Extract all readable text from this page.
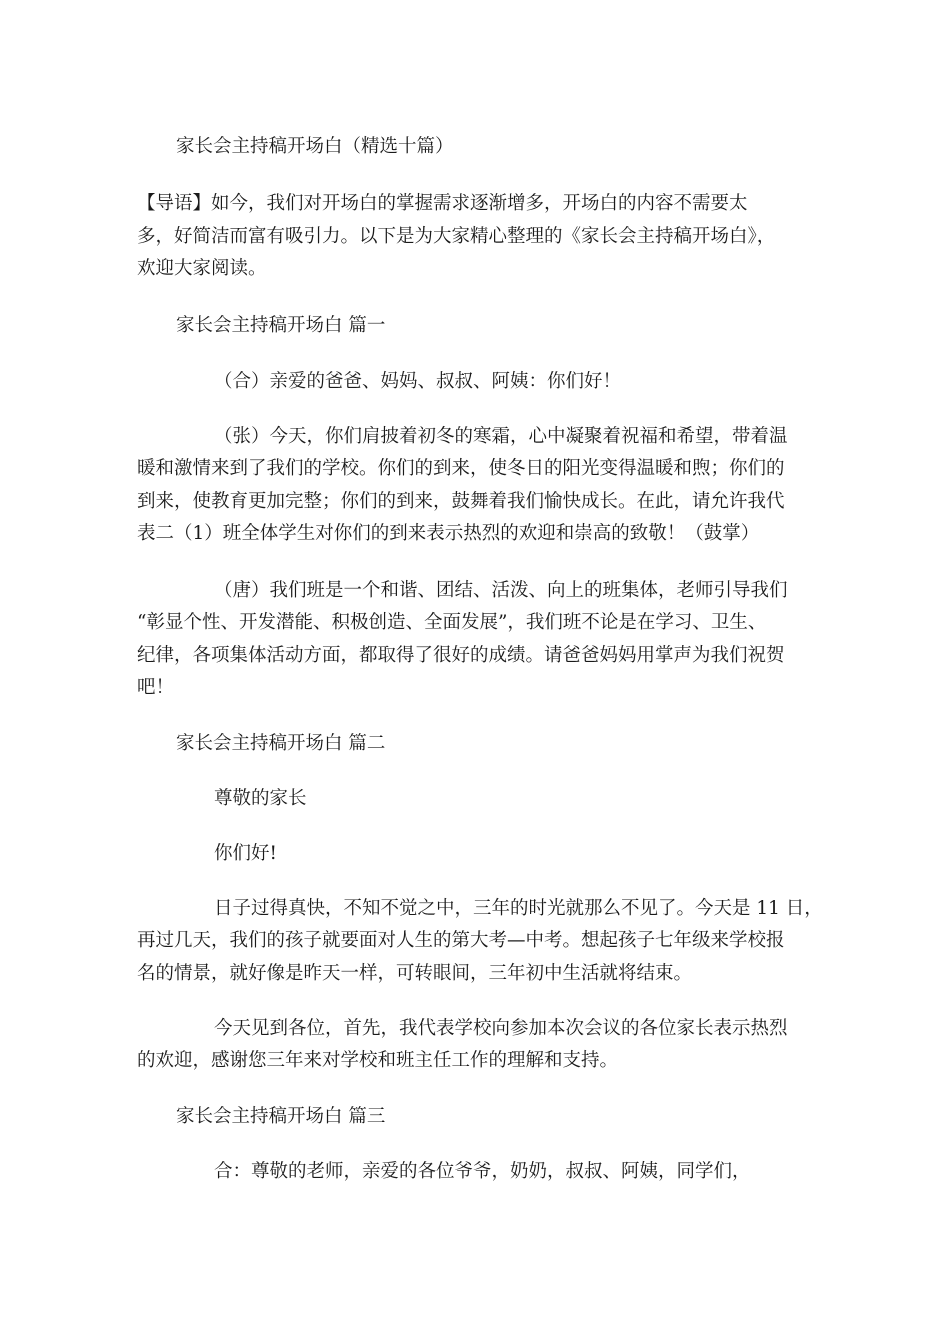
家长会主持稿开场白（精选十篇）
【导语】如今，我们对开场白的掌握需求逐渐增多，开场白的内容不需要太
多，好简洁而富有吸引力。以下是为大家精心整理的《家长会主持稿开场白》，
欢迎大家阅读。
家长会主持稿开场白 篇一
（合）亲爱的爸爸、妈妈、叔叔、阿姨：你们好！
（张）今天，你们肩披着初冬的寒霜，心中凝聚着祝福和希望，带着温
暖和激情来到了我们的学校。你们的到来，使冬日的阳光变得温暖和煦；你们的
到来，使教育更加完整；你们的到来，鼓舞着我们愉快成长。在此，请允许我代
表二（1）班全体学生对你们的到来表示热烈的欢迎和崇高的致敬！（鼓掌）
（唐）我们班是一个和谐、团结、活泼、向上的班集体，老师引导我们
“彰显个性、开发潜能、积极创造、全面发展”，我们班不论是在学习、卫生、
纪律，各项集体活动方面，都取得了很好的成绩。请爸爸妈妈用掌声为我们祝贺
吧！
家长会主持稿开场白 篇二
尊敬的家长
你们好!
日子过得真快，不知不觉之中，三年的时光就那么不见了。今天是 11 日，
再过几天，我们的孩子就要面对人生的第大考—中考。想起孩子七年级来学校报
名的情景，就好像是昨天一样，可转眼间，三年初中生活就将结束。
今天见到各位，首先，我代表学校向参加本次会议的各位家长表示热烈
的欢迎，感谢您三年来对学校和班主任工作的理解和支持。
家长会主持稿开场白 篇三
合：尊敬的老师，亲爱的各位爷爷，奶奶，叔叔、阿姨，同学们，
